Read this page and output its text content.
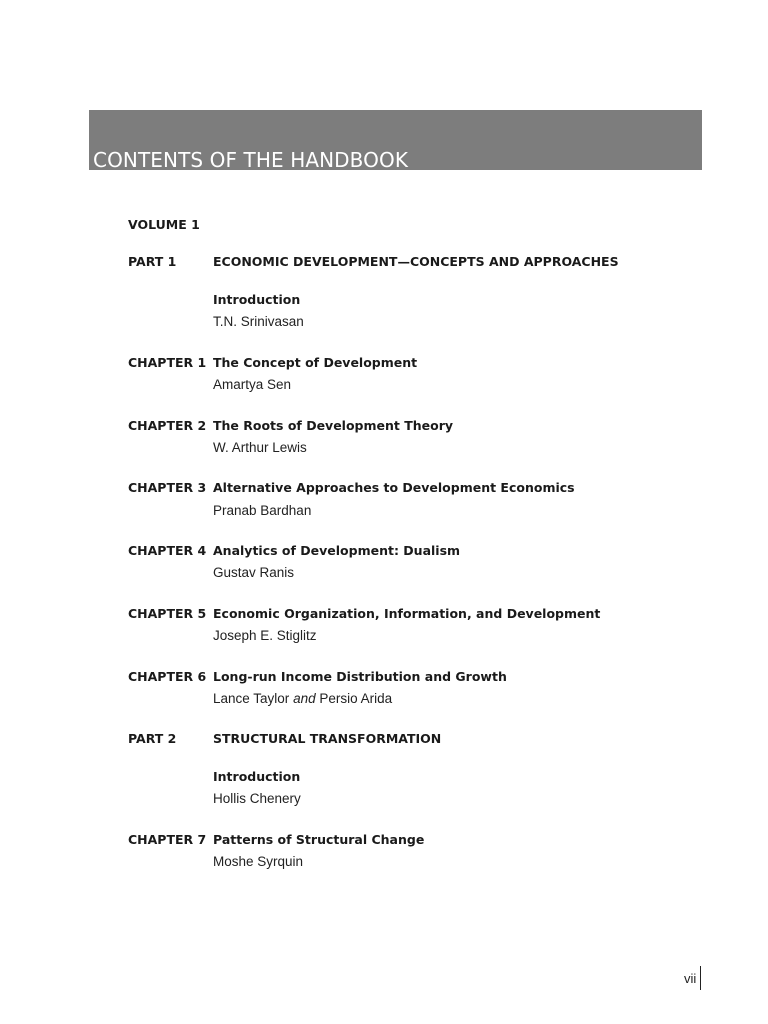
CONTENTS OF THE HANDBOOK
VOLUME 1
PART 1	ECONOMIC DEVELOPMENT—CONCEPTS AND APPROACHES
Introduction
T.N. Srinivasan
CHAPTER 1 The Concept of Development
Amartya Sen
CHAPTER 2 The Roots of Development Theory
W. Arthur Lewis
CHAPTER 3 Alternative Approaches to Development Economics
Pranab Bardhan
CHAPTER 4 Analytics of Development: Dualism
Gustav Ranis
CHAPTER 5 Economic Organization, Information, and Development
Joseph E. Stiglitz
CHAPTER 6 Long-run Income Distribution and Growth
Lance Taylor and Persio Arida
PART 2	STRUCTURAL TRANSFORMATION
Introduction
Hollis Chenery
CHAPTER 7 Patterns of Structural Change
Moshe Syrquin
vii
